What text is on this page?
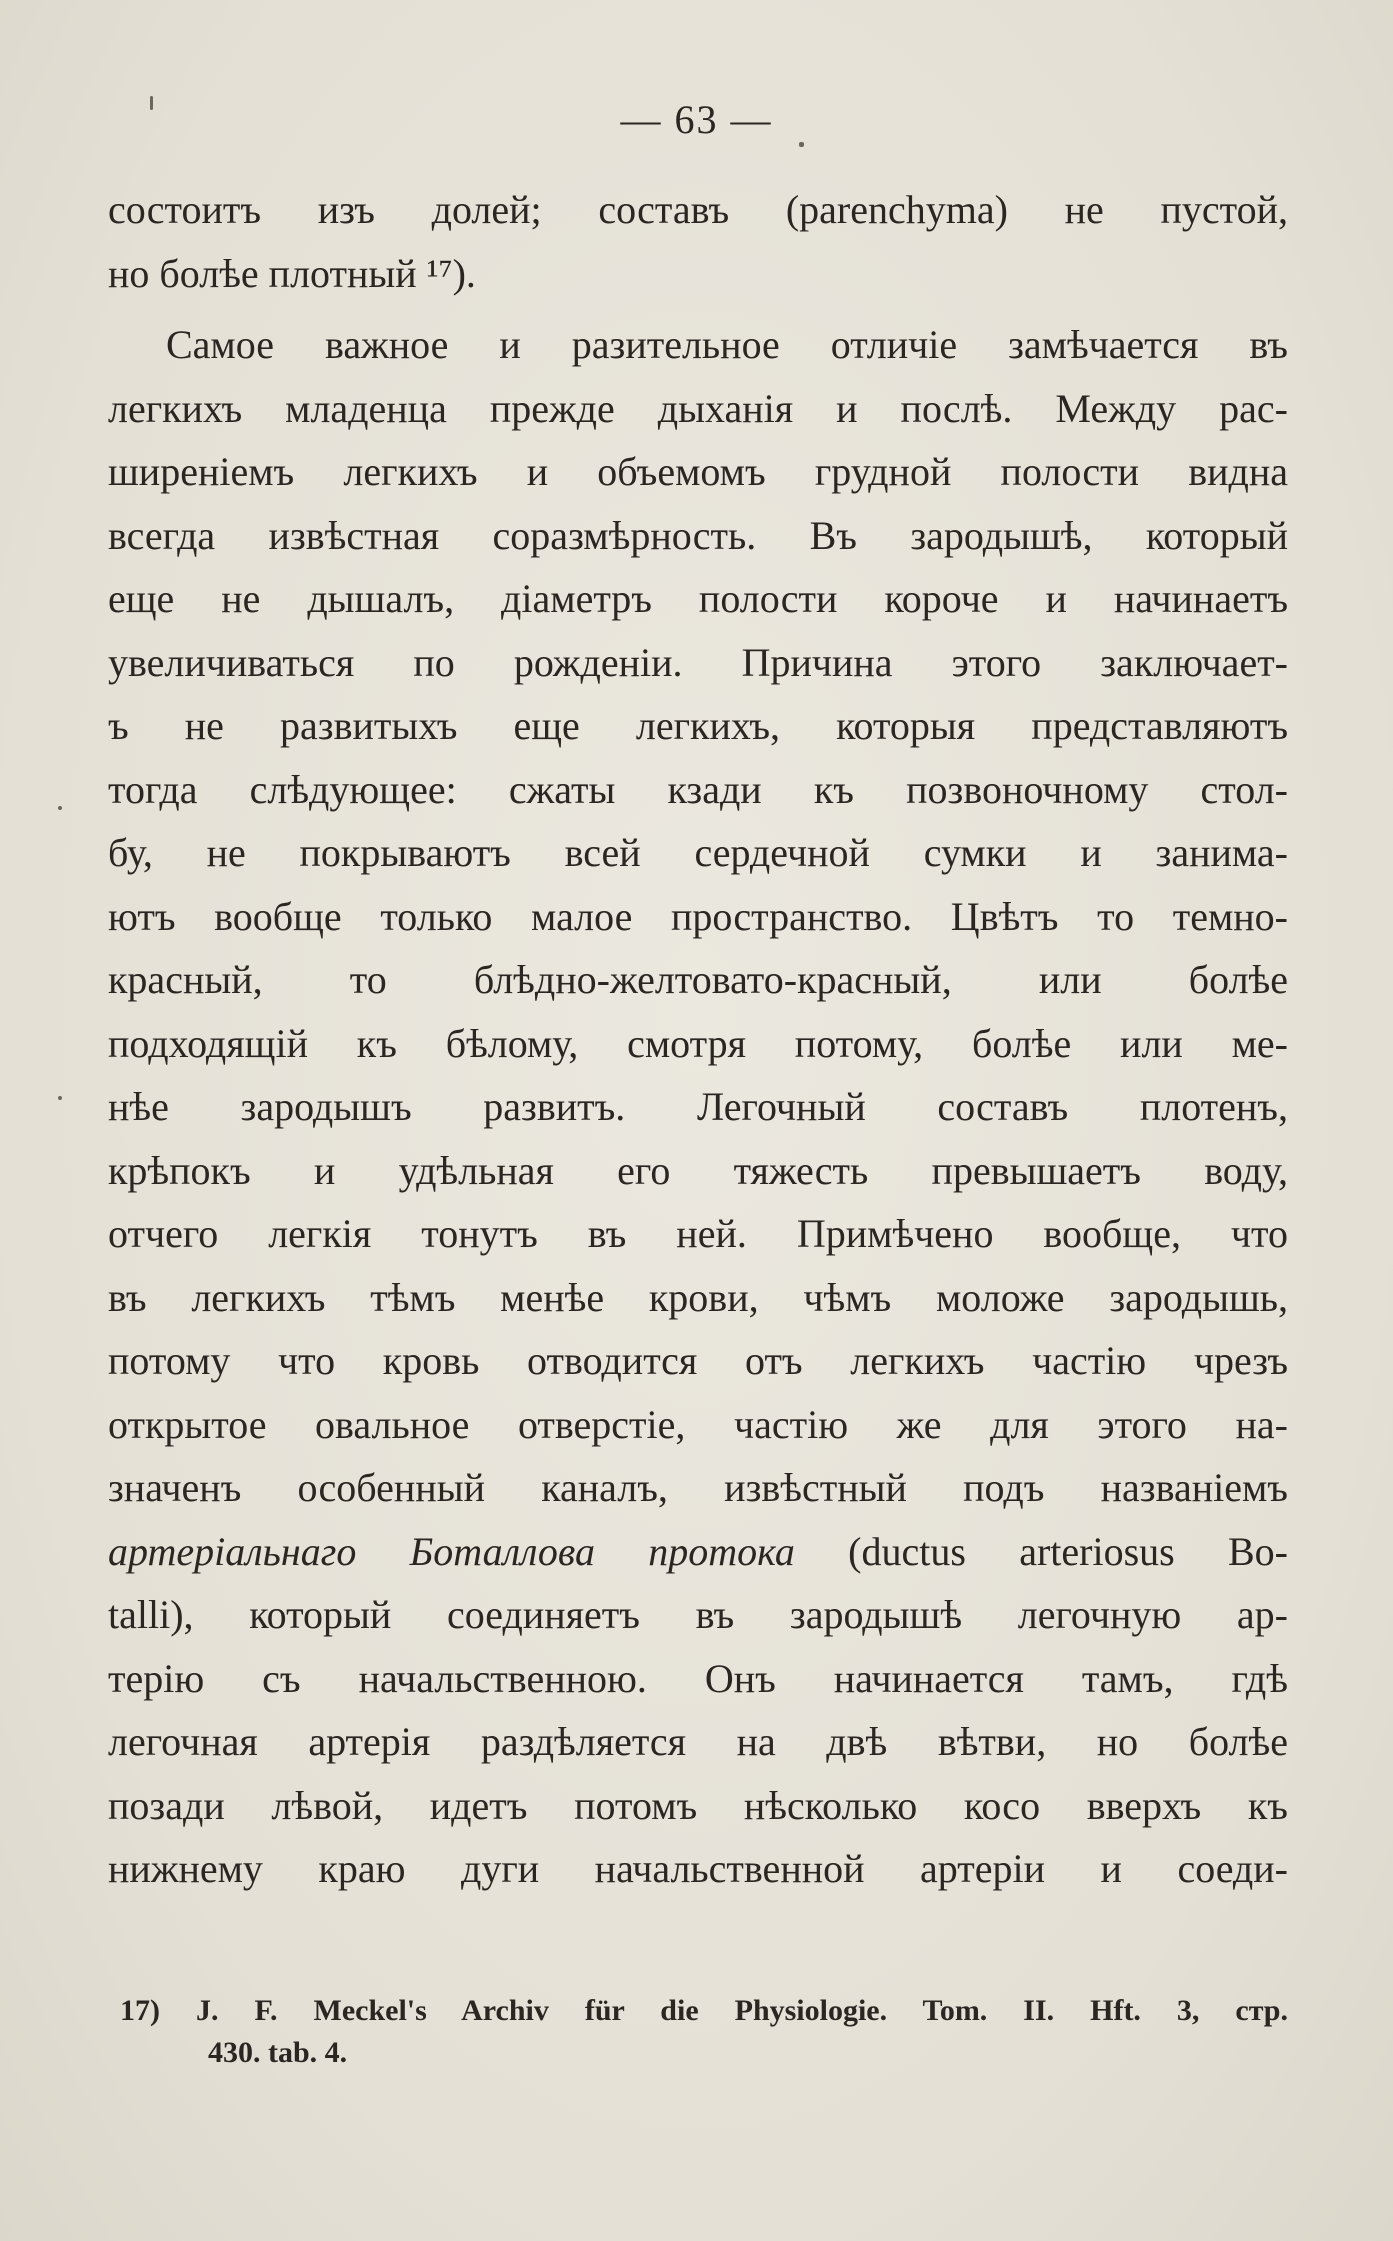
— 63 —
состоитъ изъ долей; составъ (parencһyma) не пустой,
но болѣе плотный ¹⁷).
Самое важное и разительное отличіе замѣчается въ
легкихъ младенца прежде дыханія и послѣ. Между рас-
ширеніемъ легкихъ и объемомъ грудной полости видна
всегда извѣстная соразмѣрность. Въ зародышѣ, который
еще не дышалъ, діаметръ полости короче и начинаетъ
увеличиваться по рожденіи. Причина этого заключает-
ъ не развитыхъ еще легкихъ, которыя представляютъ
тогда слѣдующее: сжаты кзади къ позвоночному стол-
бу, не покрываютъ всей сердечной сумки и занима-
ютъ вообще только малое пространство. Цвѣтъ то темно-
красный, то блѣдно-желтовато-красный, или болѣе
подходящій къ бѣлому, смотря потому, болѣе или ме-
нѣе зародышъ развитъ. Легочный составъ плотенъ,
крѣпокъ и удѣльная его тяжесть превышаетъ воду,
отчего легкія тонутъ въ ней. Примѣчено вообще, что
въ легкихъ тѣмъ менѣе крови, чѣмъ моложе зародышь,
потому что кровь отводится отъ легкихъ частію чрезъ
открытое овальное отверстіе, частію же для этого на-
значенъ особенный каналъ, извѣстный подъ названіемъ
артеріальнаго Боталлова протока (ductus arteriosus Bo-
talli), который соединяетъ въ зародышѣ легочную ар-
терію съ начальственною. Онъ начинается тамъ, гдѣ
легочная артерія раздѣляется на двѣ вѣтви, но болѣе
позади лѣвой, идетъ потомъ нѣсколько косо вверхъ къ
нижнему краю дуги начальственной артеріи и соеди-
17) J. F. Meckel's Archiv für die Physiologie. Tom. II. Hft. 3, стр.
430. tab. 4.
